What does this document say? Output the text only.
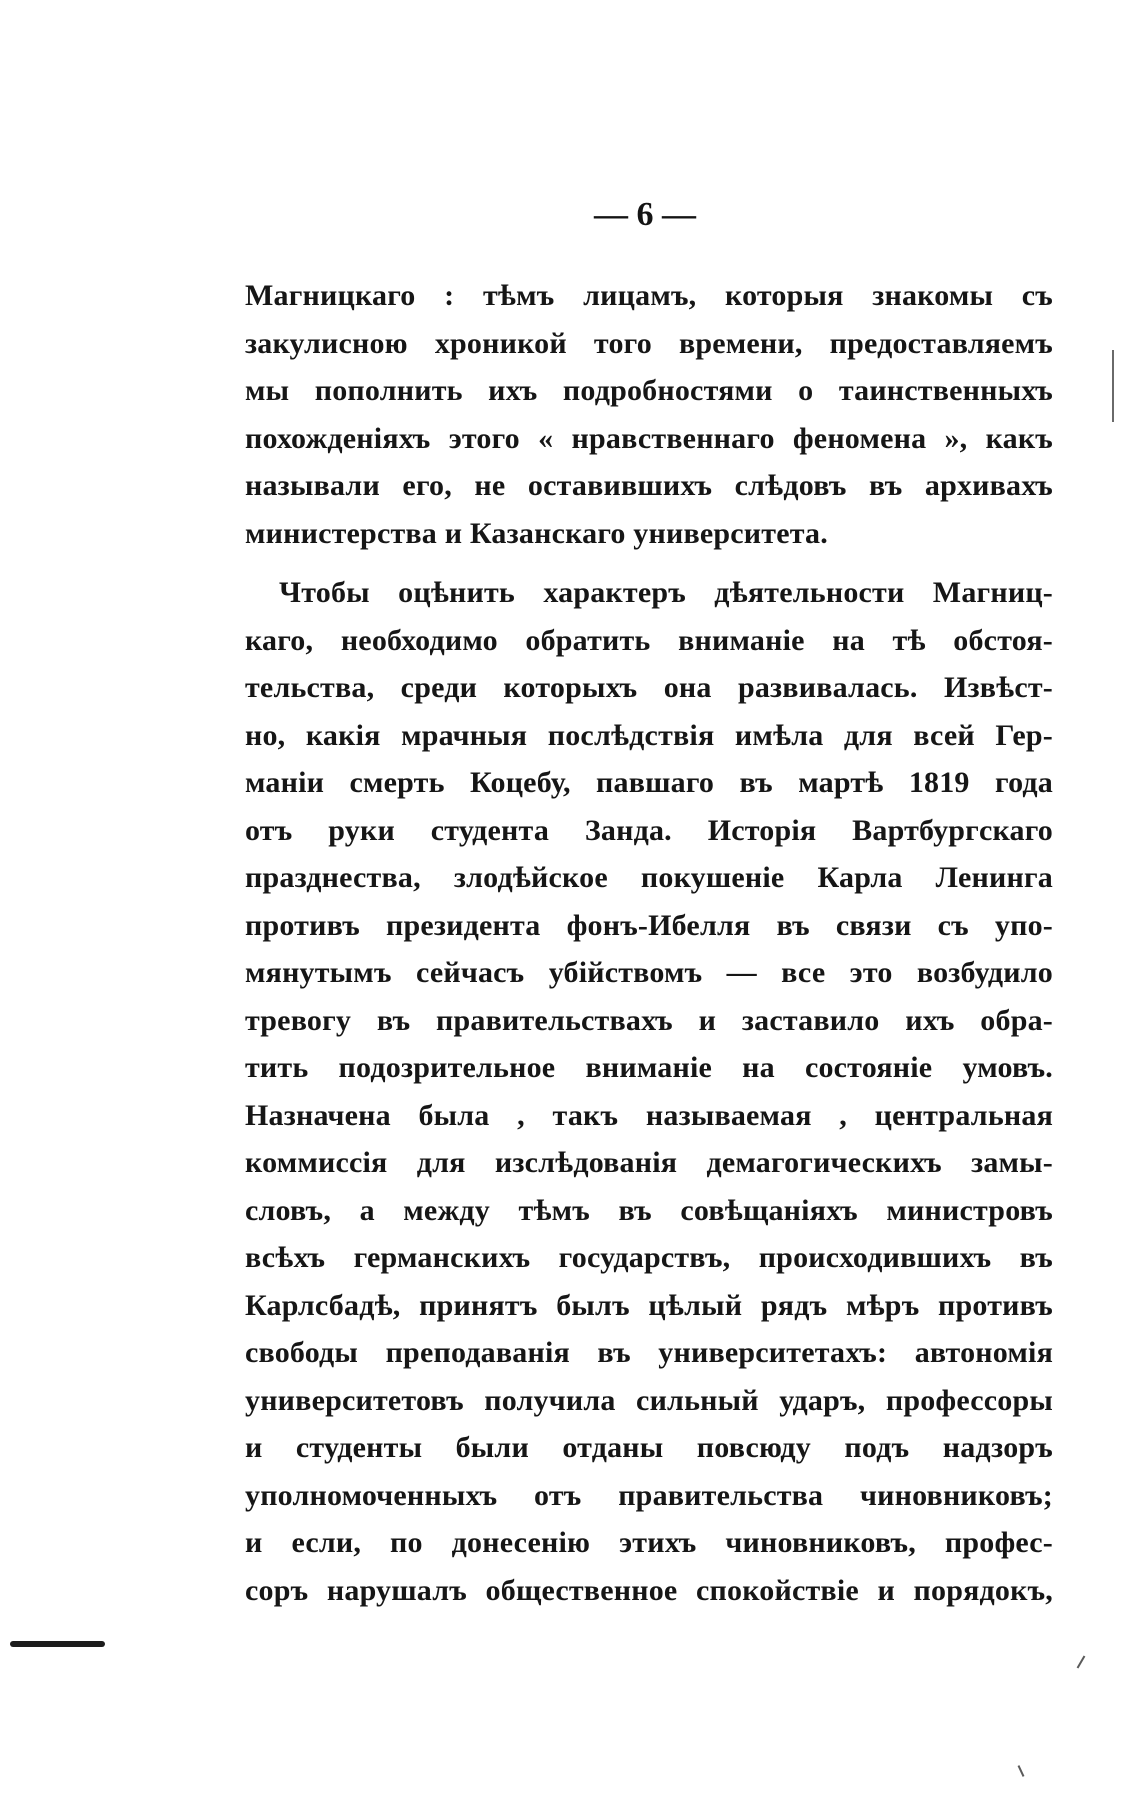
— 6 —
Магницкаго : тѣмъ лицамъ, которыя знакомы съ
закулисною хроникой того времени, предоставляемъ
мы пополнить ихъ подробностями о таинственныхъ
похожденіяхъ этого « нравственнаго феномена », какъ
называли его, не оставившихъ слѣдовъ въ архивахъ
министерства и Казанскаго университета.
Чтобы оцѣнить характеръ дѣятельности Магниц-
каго, необходимо обратить вниманіе на тѣ обстоя-
тельства, среди которыхъ она развивалась. Извѣст-
но, какія мрачныя послѣдствія имѣла для всей Гер-
маніи смерть Коцебу, павшаго въ мартѣ 1819 года
отъ руки студента Занда. Исторія Вартбургскаго
празднества, злодѣйское покушеніе Карла Ленинга
противъ президента фонъ-Ибелля въ связи съ упо-
мянутымъ сейчасъ убійствомъ — все это возбудило
тревогу въ правительствахъ и заставило ихъ обра-
тить подозрительное вниманіе на состояніе умовъ.
Назначена была , такъ называемая , центральная
коммиссія для изслѣдованія демагогическихъ замы-
словъ, а между тѣмъ въ совѣщаніяхъ министровъ
всѣхъ германскихъ государствъ, происходившихъ въ
Карлсбадѣ, принятъ былъ цѣлый рядъ мѣръ противъ
свободы преподаванія въ университетахъ: автономія
университетовъ получила сильный ударъ, профессоры
и студенты были отданы повсюду подъ надзоръ
уполномоченныхъ отъ правительства чиновниковъ;
и если, по донесенію этихъ чиновниковъ, профес-
соръ нарушалъ общественное спокойствіе и порядокъ,
